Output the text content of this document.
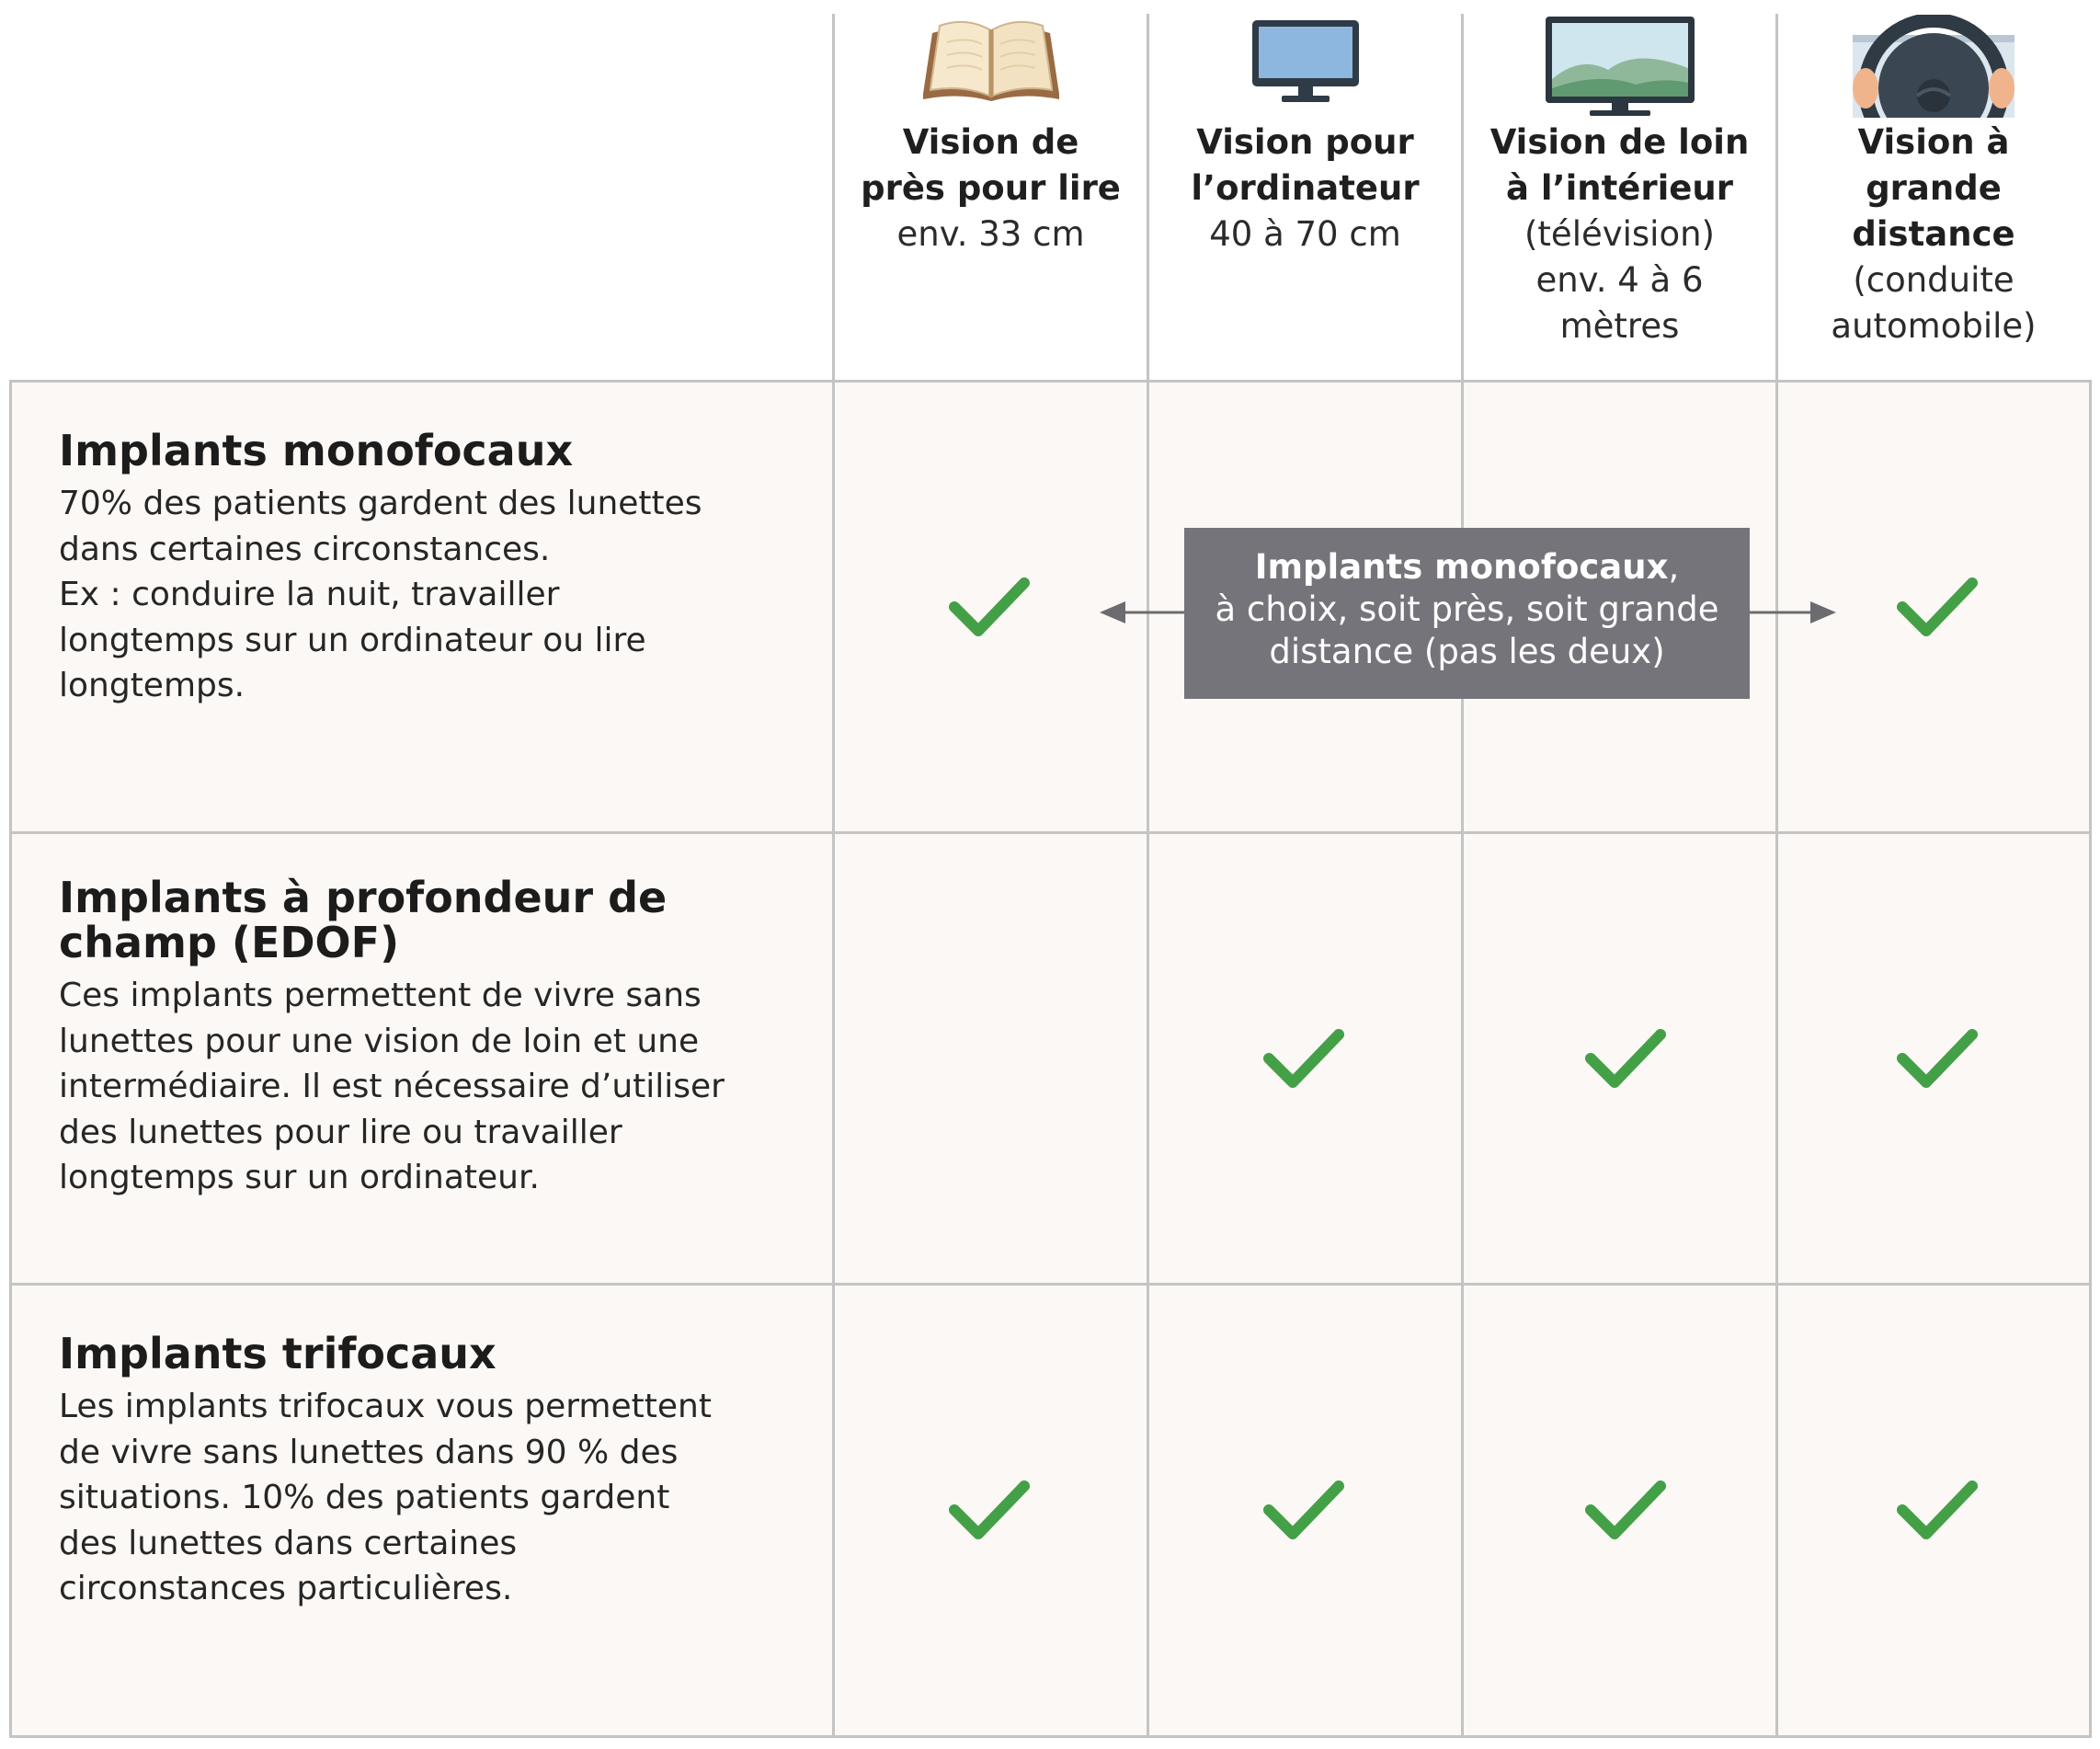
Vision de
près pour lire
env. 33 cm
Vision pour
l’ordinateur
40 à 70 cm
Vision de loin
à l’intérieur
(télévision)
env. 4 à 6
mètres
Vision à
grande
distance
(conduite
automobile)
Implants monofocaux

70% des patients gardent des lunettes
dans certaines circonstances.
Ex : conduire la nuit, travailler
longtemps sur un ordinateur ou lire
longtemps.

Implants à profondeur de
champ (EDOF)

Ces implants permettent de vivre sans
lunettes pour une vision de loin et une
intermédiaire. Il est nécessaire d’utiliser
des lunettes pour lire ou travailler
longtemps sur un ordinateur.

Implants trifocaux

Les implants trifocaux vous permettent
de vivre sans lunettes dans 90 % des
situations. 10% des patients gardent
des lunettes dans certaines
circonstances particulières.

Implants monofocaux,
à choix, soit près, soit grande
distance (pas les deux)
